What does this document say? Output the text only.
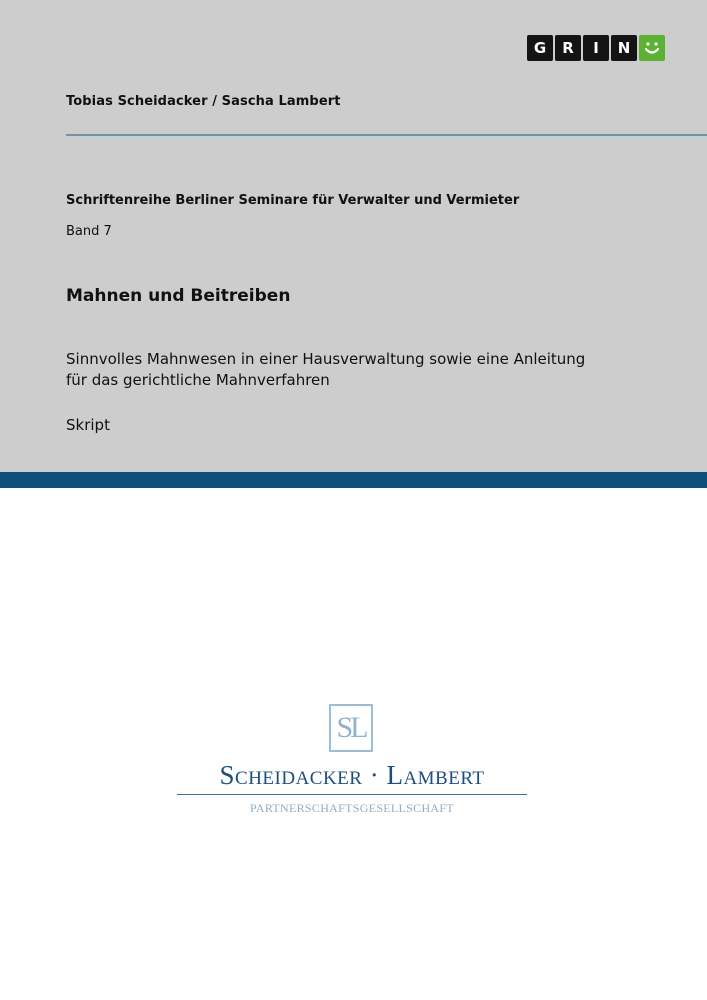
G	R	I	N
Tobias Scheidacker / Sascha Lambert
Schriftenreihe Berliner Seminare für Verwalter und Vermieter
Band 7
Mahnen und Beitreiben
Sinnvolles Mahnwesen in einer Hausverwaltung sowie eine Anleitung
für das gerichtliche Mahnverfahren
Skript
SL
Scheidacker · Lambert
PARTNERSCHAFTSGESELLSCHAFT
